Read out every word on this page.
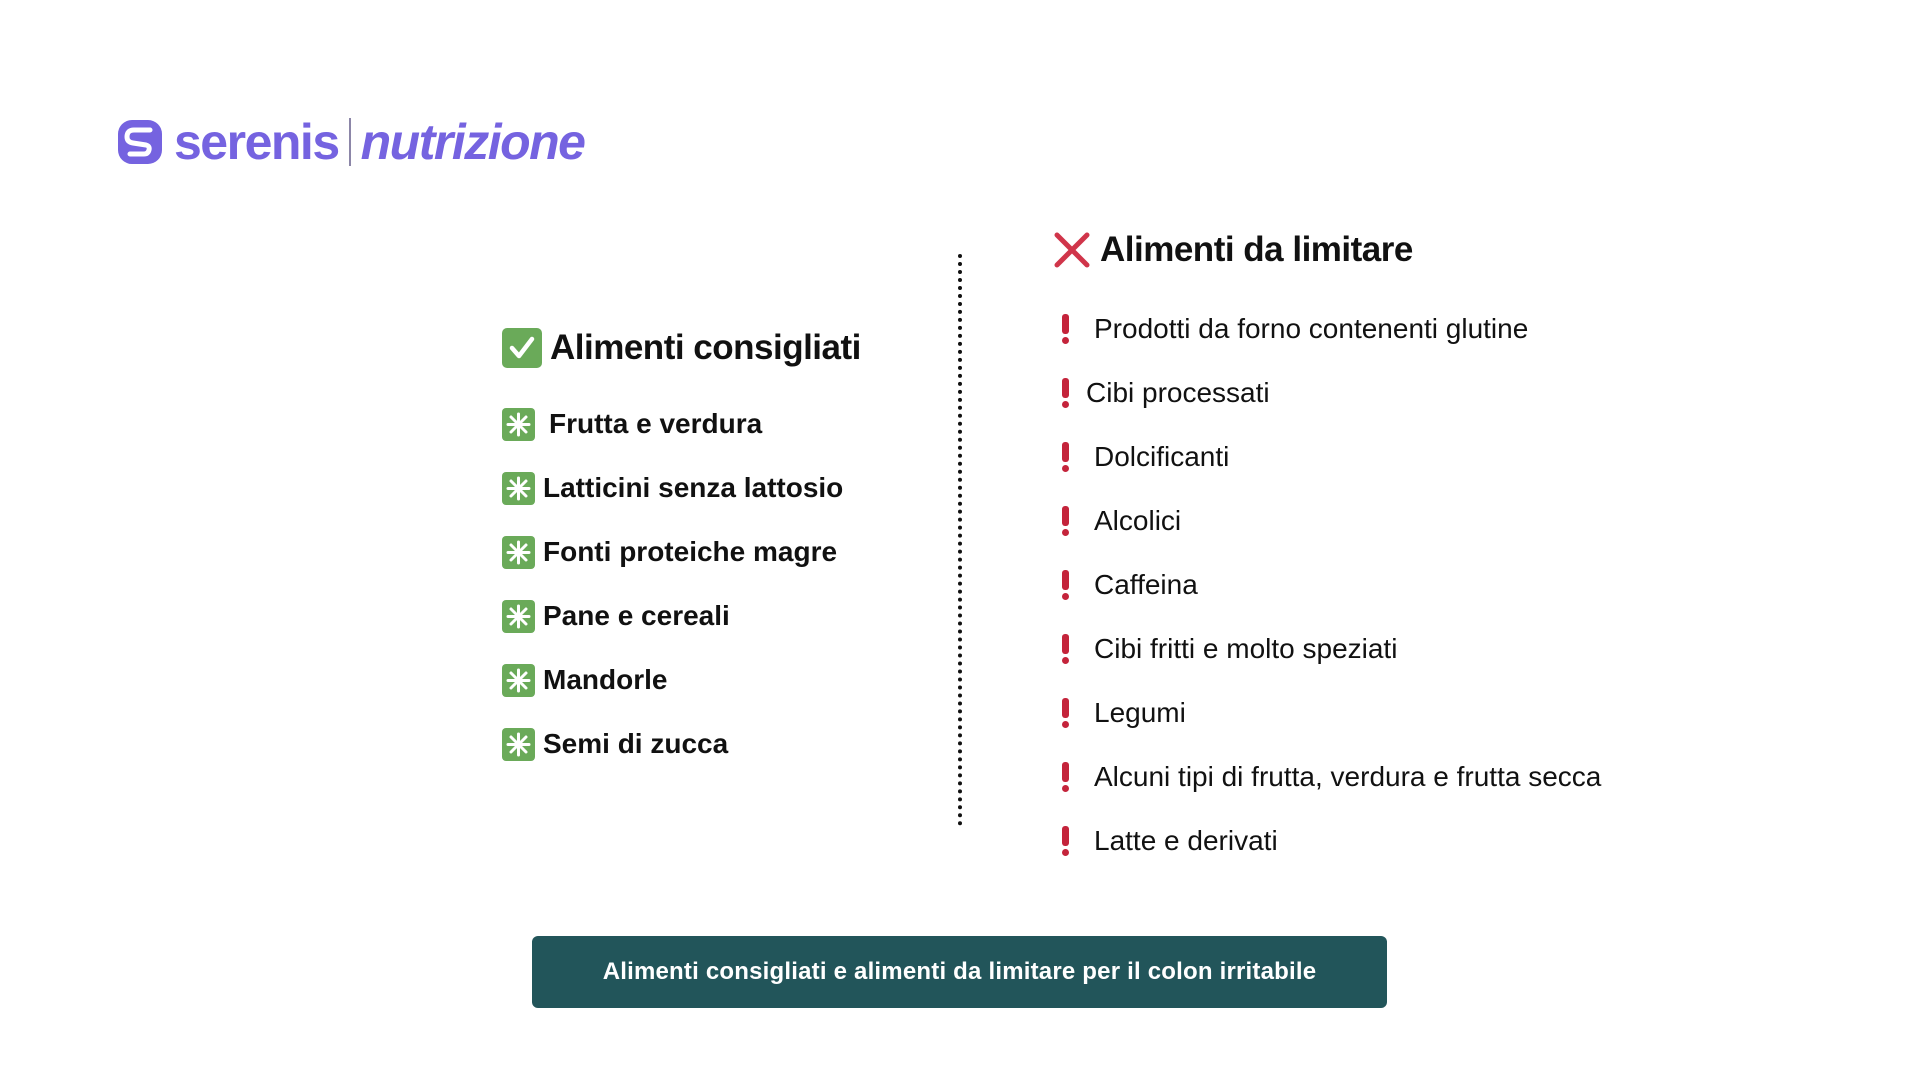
serenis nutrizione
Alimenti consigliati
Frutta e verdura
Latticini senza lattosio
Fonti proteiche magre
Pane e cereali
Mandorle
Semi di zucca
Alimenti da limitare
Prodotti da forno contenenti glutine
Cibi processati
Dolcificanti
Alcolici
Caffeina
Cibi fritti e molto speziati
Legumi
Alcuni tipi di frutta, verdura e frutta secca
Latte e derivati
Alimenti consigliati e alimenti da limitare per il colon irritabile
